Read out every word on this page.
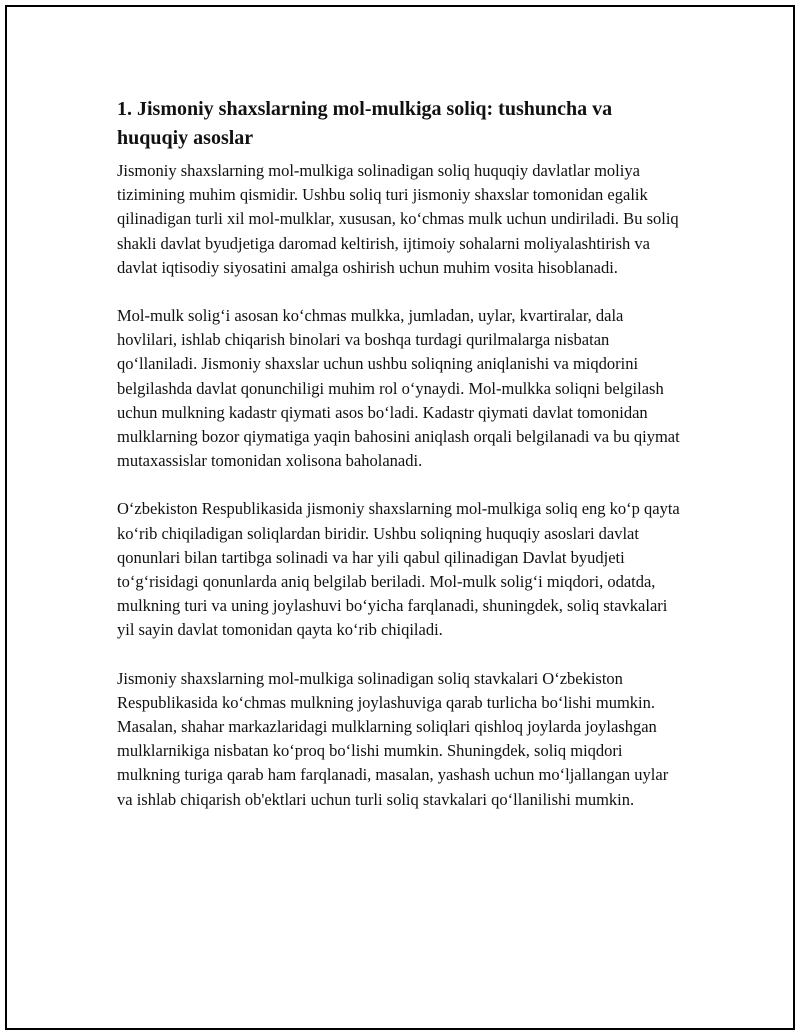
1. Jismoniy shaxslarning mol-mulkiga soliq: tushuncha va huquqiy asoslar

Jismoniy shaxslarning mol-mulkiga solinadigan soliq huquqiy davlatlar moliya tizimining muhim qismidir. Ushbu soliq turi jismoniy shaxslar tomonidan egalik qilinadigan turli xil mol-mulklar, xususan, ko‘chmas mulk uchun undiriladi. Bu soliq shakli davlat byudjetiga daromad keltirish, ijtimoiy sohalarni moliyalashtirish va davlat iqtisodiy siyosatini amalga oshirish uchun muhim vosita hisoblanadi.

Mol-mulk solig‘i asosan ko‘chmas mulkka, jumladan, uylar, kvartiralar, dala hovlilari, ishlab chiqarish binolari va boshqa turdagi qurilmalarga nisbatan qo‘llaniladi. Jismoniy shaxslar uchun ushbu soliqning aniqlanishi va miqdorini belgilashda davlat qonunchiligi muhim rol o‘ynaydi. Mol-mulkka soliqni belgilash uchun mulkning kadastr qiymati asos bo‘ladi. Kadastr qiymati davlat tomonidan mulklarning bozor qiymatiga yaqin bahosini aniqlash orqali belgilanadi va bu qiymat mutaxassislar tomonidan xolisona baholanadi.

O‘zbekiston Respublikasida jismoniy shaxslarning mol-mulkiga soliq eng ko‘p qayta ko‘rib chiqiladigan soliqlardan biridir. Ushbu soliqning huquqiy asoslari davlat qonunlari bilan tartibga solinadi va har yili qabul qilinadigan Davlat byudjeti to‘g‘risidagi qonunlarda aniq belgilab beriladi. Mol-mulk solig‘i miqdori, odatda, mulkning turi va uning joylashuvi bo‘yicha farqlanadi, shuningdek, soliq stavkalari yil sayin davlat tomonidan qayta ko‘rib chiqiladi.

Jismoniy shaxslarning mol-mulkiga solinadigan soliq stavkalari O‘zbekiston Respublikasida ko‘chmas mulkning joylashuviga qarab turlicha bo‘lishi mumkin. Masalan, shahar markazlaridagi mulklarning soliqlari qishloq joylarda joylashgan mulklarnikiga nisbatan ko‘proq bo‘lishi mumkin. Shuningdek, soliq miqdori mulkning turiga qarab ham farqlanadi, masalan, yashash uchun mo‘ljallangan uylar va ishlab chiqarish ob'ektlari uchun turli soliq stavkalari qo‘llanilishi mumkin.
